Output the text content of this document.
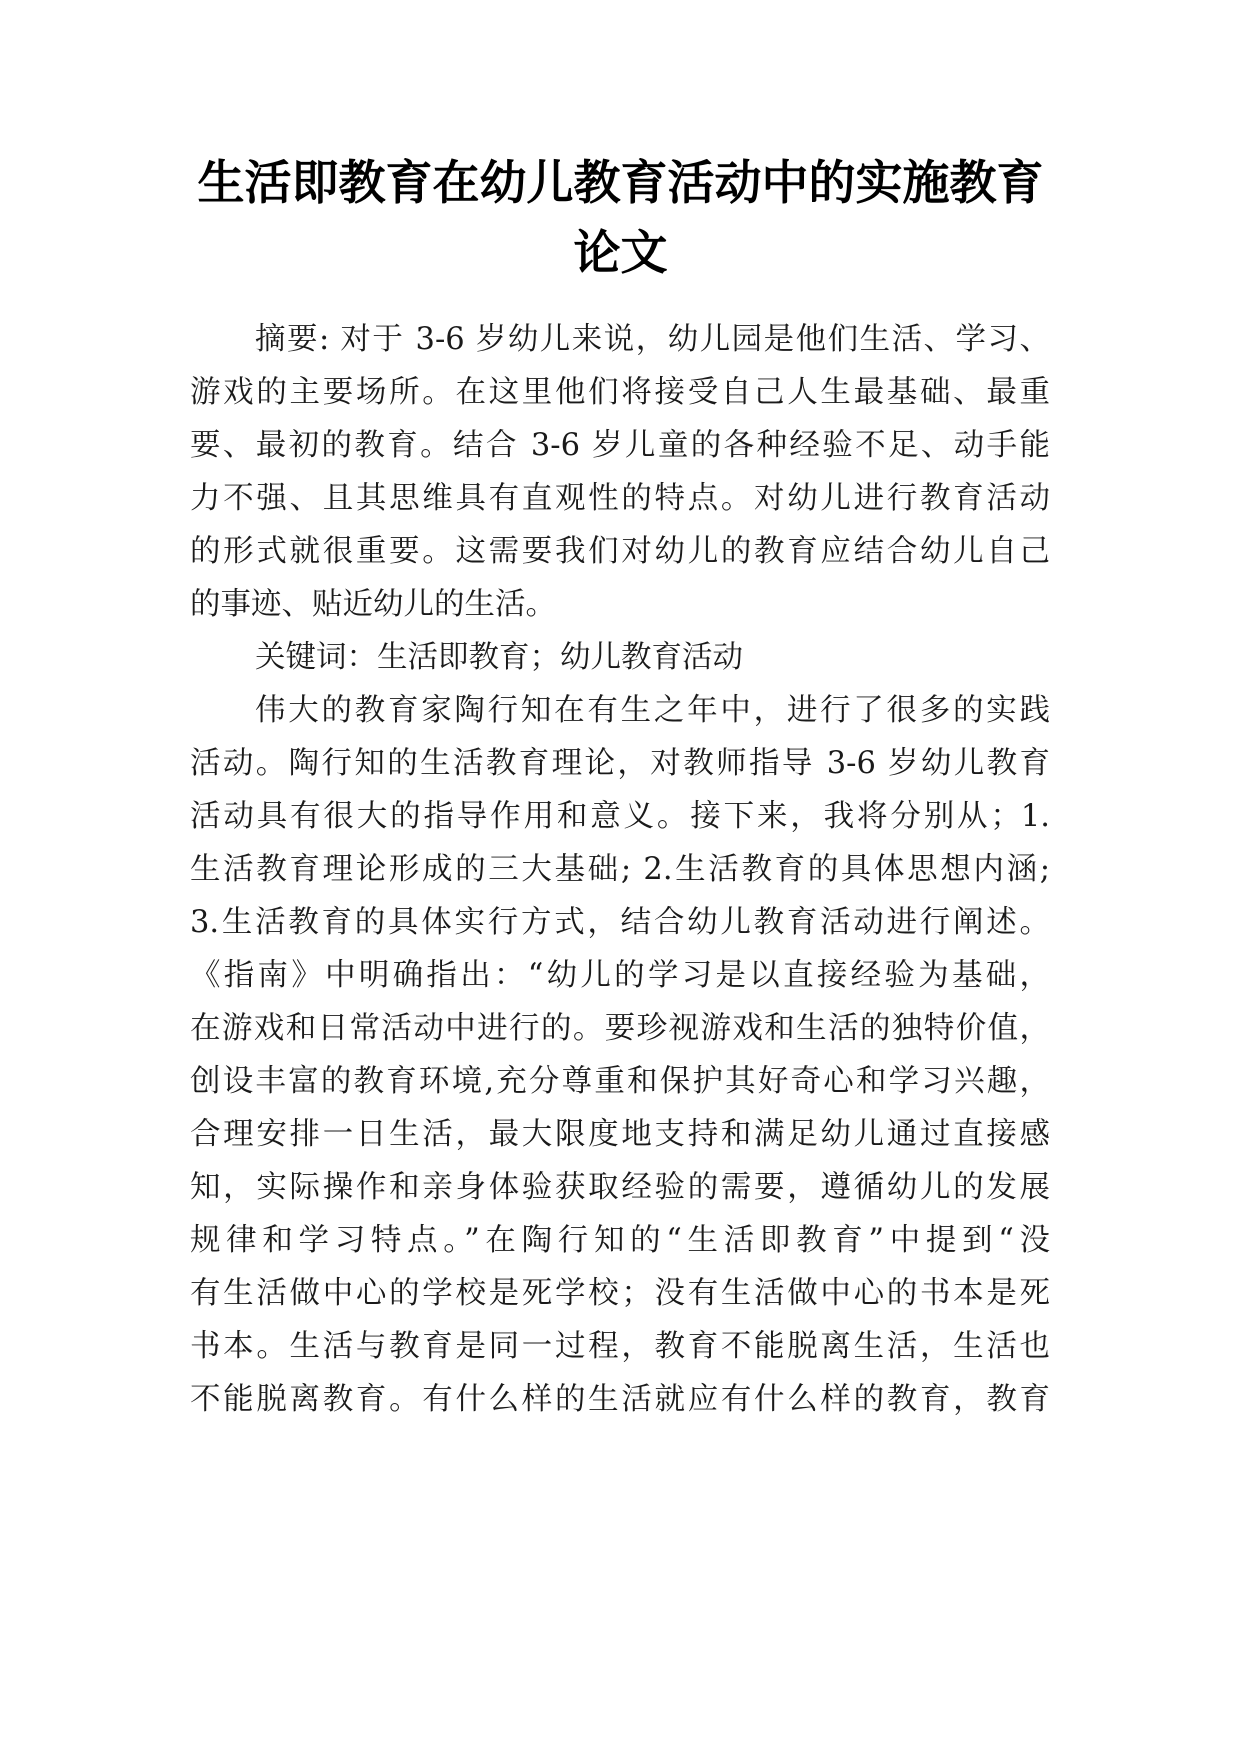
生活即教育在幼儿教育活动中的实施教育
论文
摘要: 对于 3-6 岁幼儿来说，幼儿园是他们生活、学习、
游戏的主要场所。在这里他们将接受自己人生最基础、最重
要、最初的教育。结合 3-6 岁儿童的各种经验不足、动手能
力不强、且其思维具有直观性的特点。对幼儿进行教育活动
的形式就很重要。这需要我们对幼儿的教育应结合幼儿自己
的事迹、贴近幼儿的生活。
关键词：生活即教育；幼儿教育活动
伟大的教育家陶行知在有生之年中，进行了很多的实践
活动。陶行知的生活教育理论，对教师指导 3-6 岁幼儿教育
活动具有很大的指导作用和意义。接下来，我将分别从；1.
生活教育理论形成的三大基础; 2.生活教育的具体思想内涵;
3.生活教育的具体实行方式，结合幼儿教育活动进行阐述。
《指南》中明确指出：“幼儿的学习是以直接经验为基础，
在游戏和日常活动中进行的。要珍视游戏和生活的独特价值，
创设丰富的教育环境,充分尊重和保护其好奇心和学习兴趣，
合理安排一日生活，最大限度地支持和满足幼儿通过直接感
知，实际操作和亲身体验获取经验的需要，遵循幼儿的发展
规律和学习特点。”在陶行知的“生活即教育”中提到“没
有生活做中心的学校是死学校；没有生活做中心的书本是死
书本。生活与教育是同一过程，教育不能脱离生活，生活也
不能脱离教育。有什么样的生活就应有什么样的教育，教育
